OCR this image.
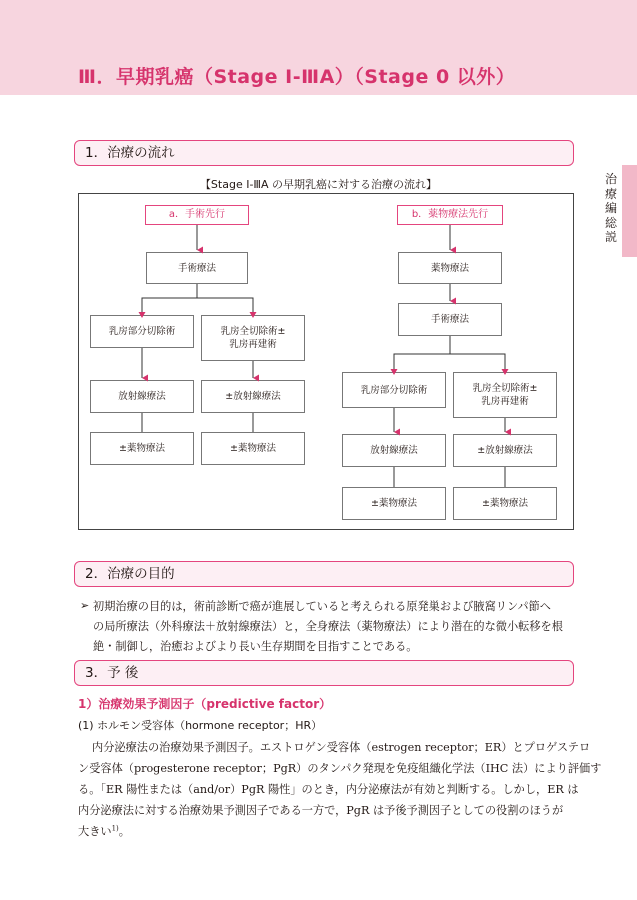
Ⅲ．早期乳癌（Stage Ⅰ-ⅢA）（Stage 0 以外）
治療編 総説
1．治療の流れ
【Stage Ⅰ-ⅢA の早期乳癌に対する治療の流れ】
a．手術先行
手術療法
乳房部分切除術	乳房全切除術±
乳房再建術
放射線療法	±放射線療法
±薬物療法	±薬物療法
b．薬物療法先行
薬物療法
手術療法
乳房部分切除術	乳房全切除術±
乳房再建術
放射線療法	±放射線療法
±薬物療法	±薬物療法
2．治療の目的
➢ 初期治療の目的は，術前診断で癌が進展していると考えられる原発巣および腋窩リンパ節へ
の局所療法（外科療法＋放射線療法）と，全身療法（薬物療法）により潜在的な微小転移を根
絶・制御し，治癒およびより長い生存期間を目指すことである。
3．予 後
1）治療効果予測因子（predictive factor）
(1) ホルモン受容体（hormone receptor；HR）
内分泌療法の治療効果予測因子。エストロゲン受容体（estrogen receptor；ER）とプロゲステロ
ン受容体（progesterone receptor；PgR）のタンパク発現を免疫組織化学法（IHC 法）により評価す
る。「ER 陽性または（and/or）PgR 陽性」のとき，内分泌療法が有効と判断する。しかし，ER は
内分泌療法に対する治療効果予測因子である一方で，PgR は予後予測因子としての役割のほうが
大きい$^{1)}$。
